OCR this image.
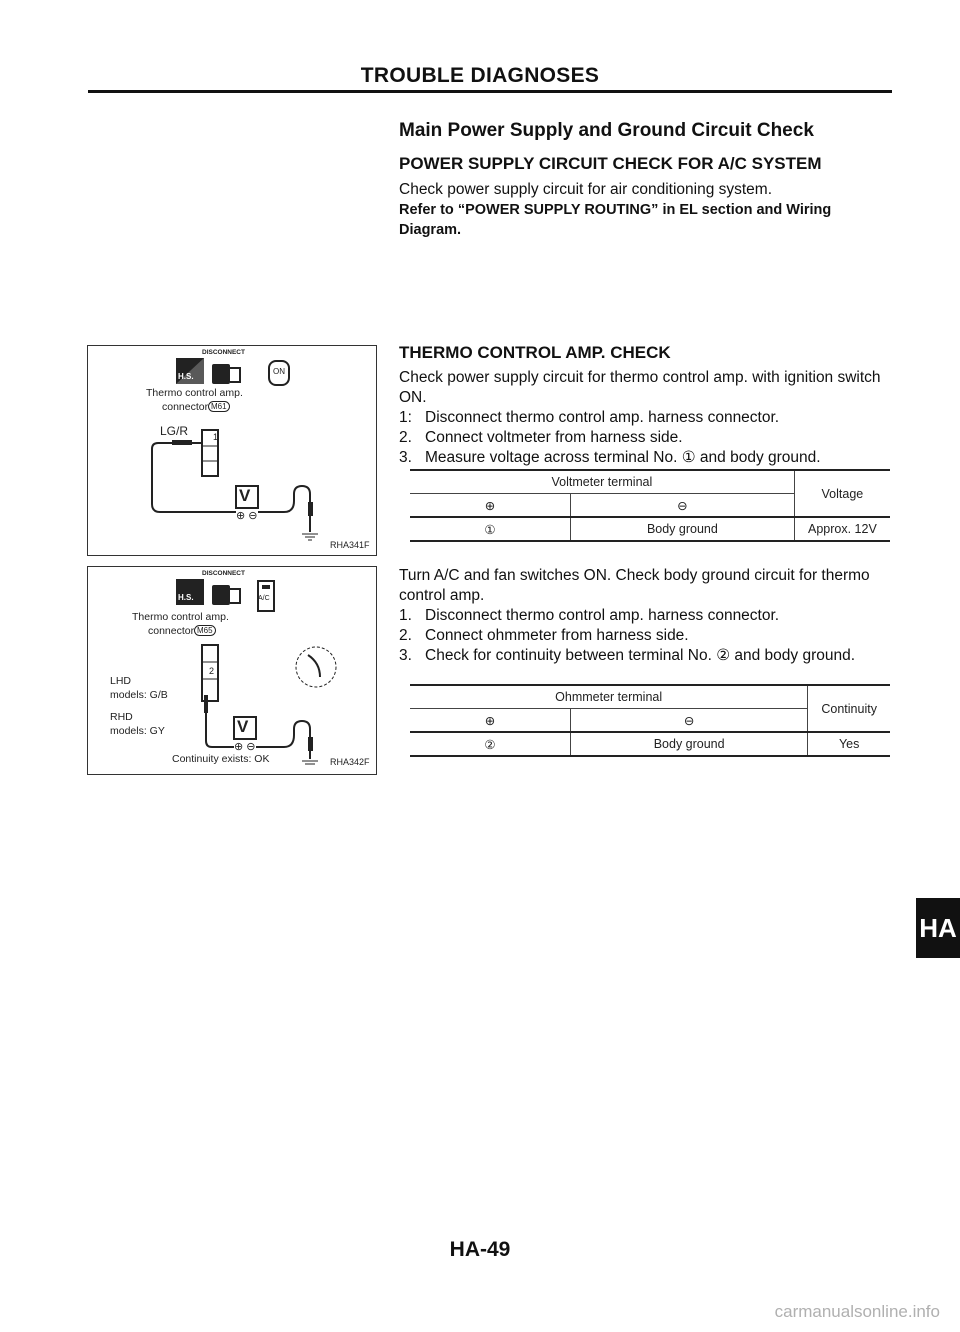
TROUBLE DIAGNOSES
Main Power Supply and Ground Circuit Check
POWER SUPPLY CIRCUIT CHECK FOR A/C SYSTEM
Check power supply circuit for air conditioning system.
Refer to “POWER SUPPLY ROUTING” in EL section and Wiring Diagram.
DISCONNECT
H.S.
ON
Thermo control amp.
connector M61
LG/R	1
V
⊕ ⊖
RHA341F
DISCONNECT
H.S.	A/C
Thermo control amp.
connector M65
2
LHD
models: G/B
RHD
models: GY	V
⊕ ⊖
Continuity exists: OK	RHA342F
THERMO CONTROL AMP. CHECK
Check power supply circuit for thermo control amp. with ignition switch ON.
1: Disconnect thermo control amp. harness connector.
2. Connect voltmeter from harness side.
3. Measure voltage across terminal No. ① and body ground.
Voltmeter terminal		Voltage
⊕	⊖	
①	Body ground	Approx. 12V
Turn A/C and fan switches ON. Check body ground circuit for thermo control amp.
1. Disconnect thermo control amp. harness connector.
2. Connect ohmmeter from harness side.
3. Check for continuity between terminal No. ② and body ground.
Ohmmeter terminal		Continuity
⊕	⊖	
②	Body ground	Yes
HA
HA-49
carmanualsonline.info
